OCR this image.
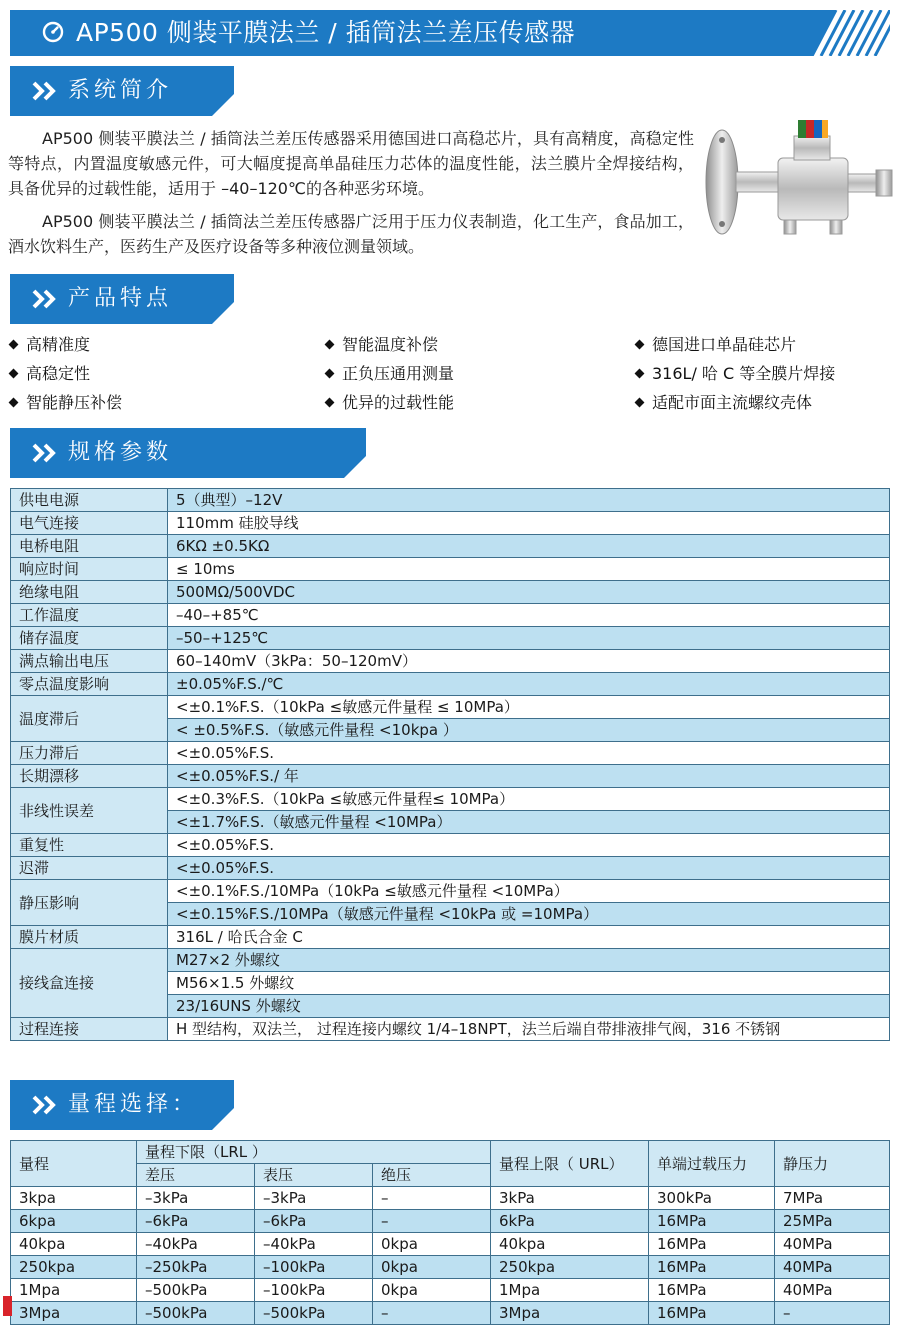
AP500 侧装平膜法兰 / 插筒法兰差压传感器
系统简介

AP500 侧装平膜法兰 / 插筒法兰差压传感器采用德国进口高稳芯片，具有高精度，高稳定性等特点，内置温度敏感元件，可大幅度提高单晶硅压力芯体的温度性能，法兰膜片全焊接结构，具备优异的过载性能，适用于 –40–120℃的各种恶劣环境。

AP500 侧装平膜法兰 / 插筒法兰差压传感器广泛用于压力仪表制造，化工生产，食品加工，酒水饮料生产，医药生产及医疗设备等多种液位测量领域。

产品特点
高精准度	智能温度补偿	德国进口单晶硅芯片
高稳定性	正负压通用测量	316L/ 哈 C 等全膜片焊接
智能静压补偿	优异的过载性能	适配市面主流螺纹壳体
规格参数
供电电源	5（典型）–12V
电气连接	110mm 硅胶导线
电桥电阻	6KΩ ±0.5KΩ
响应时间	≤ 10ms
绝缘电阻	500MΩ/500VDC
工作温度	–40–+85℃
储存温度	–50–+125℃
满点输出电压	60–140mV（3kPa：50–120mV）
零点温度影响	±0.05%F.S./℃
温度滞后	<±0.1%F.S.（10kPa ≤敏感元件量程 ≤ 10MPa）
	< ±0.5%F.S.（敏感元件量程 <10kpa ）
压力滞后	<±0.05%F.S.
长期漂移	<±0.05%F.S./ 年
非线性误差	<±0.3%F.S.（10kPa ≤敏感元件量程≤ 10MPa）
	<±1.7%F.S.（敏感元件量程 <10MPa）
重复性	<±0.05%F.S.
迟滞	<±0.05%F.S.
静压影响	<±0.1%F.S./10MPa（10kPa ≤敏感元件量程 <10MPa）
	<±0.15%F.S./10MPa（敏感元件量程 <10kPa 或 =10MPa）
膜片材质	316L / 哈氏合金 C
接线盒连接	M27×2 外螺纹
	M56×1.5 外螺纹
	23/16UNS 外螺纹
过程连接	H 型结构，双法兰， 过程连接内螺纹 1/4–18NPT，法兰后端自带排液排气阀，316 不锈钢
量程选择：
量程	量程下限（LRL ）			量程上限（ URL）	单端过载压力	静压力
	差压	表压	绝压			
3kpa	–3kPa	–3kPa	–	3kPa	300kPa	7MPa
6kpa	–6kPa	–6kPa	–	6kPa	16MPa	25MPa
40kpa	–40kPa	–40kPa	0kpa	40kpa	16MPa	40MPa
250kpa	–250kPa	–100kPa	0kpa	250kpa	16MPa	40MPa
1Mpa	–500kPa	–100kPa	0kpa	1Mpa	16MPa	40MPa
3Mpa	–500kPa	–500kPa	–	3Mpa	16MPa	–
